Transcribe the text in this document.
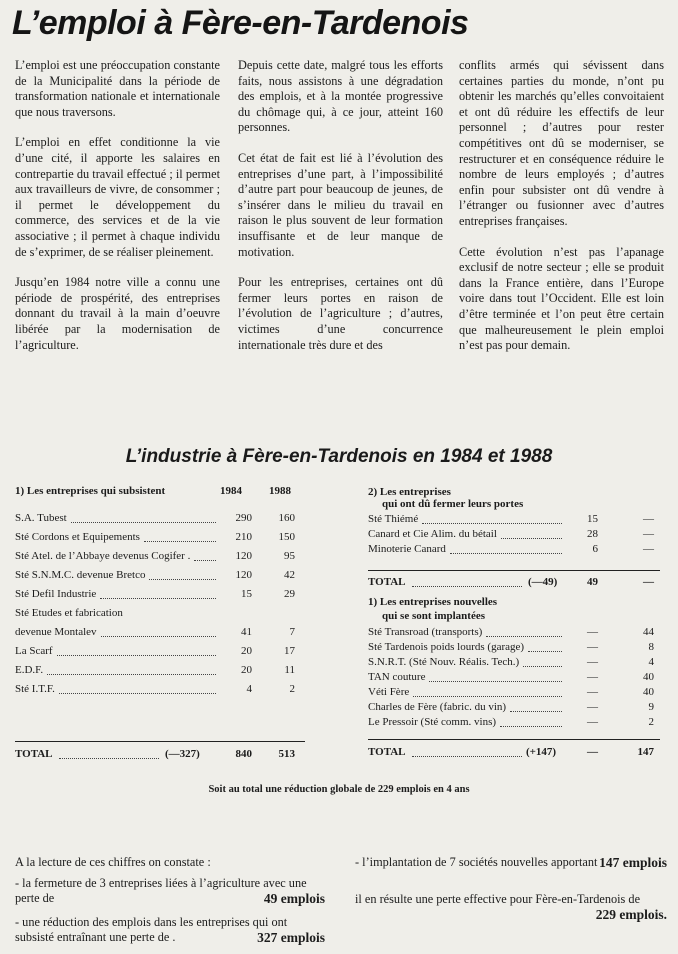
L’emploi à Fère-en-Tardenois

L’emploi est une préoccupation constante de la Municipalité dans la période de transformation nationale et internationale que nous traversons.

L’emploi en effet conditionne la vie d’une cité, il apporte les salaires en contrepartie du travail effectué ; il permet aux travailleurs de vivre, de consommer ; il permet le développement du commerce, des services et de la vie associative ; il permet à chaque individu de s’exprimer, de se réaliser pleinement.

Jusqu’en 1984 notre ville a connu une période de prospérité, des entreprises donnant du travail à la main d’oeuvre libérée par la modernisation de l’agriculture.

Depuis cette date, malgré tous les efforts faits, nous assistons à une dégradation des emplois, et à la montée progressive du chômage qui, à ce jour, atteint 160 personnes.

Cet état de fait est lié à l’évolution des entreprises d’une part, à l’impossibilité d’autre part pour beaucoup de jeunes, de s’insérer dans le milieu du travail en raison le plus souvent de leur formation insuffisante et de leur manque de motivation.

Pour les entreprises, certaines ont dû fermer leurs portes en raison de l’évolution de l’agriculture ; d’autres, victimes d’une concurrence internationale très dure et des

conflits armés qui sévissent dans certaines parties du monde, n’ont pu obtenir les marchés qu’elles convoitaient et ont dû réduire les effectifs de leur personnel ; d’autres pour rester compétitives ont dû se moderniser, se restructurer et en conséquence réduire le nombre de leurs employés ; d’autres enfin pour subsister ont dû vendre à l’étranger ou fusionner avec d’autres entreprises françaises.

Cette évolution n’est pas l’apanage exclusif de notre secteur ; elle se produit dans la France entière, dans l’Europe voire dans tout l’Occident. Elle est loin d’être terminée et l’on peut être certain que malheureusement le plein emploi n’est pas pour demain.

L’industrie à Fère-en-Tardenois en 1984 et 1988
1) Les entreprises qui subsistent	1984 1988
S.A. Tubest	290	160
Sté Cordons et Equipements	210	150
Sté Atel. de l’Abbaye devenus Cogifer .	120	95
Sté S.N.M.C. devenue Bretco	120	42
Sté Defil Industrie	15	29
Sté Etudes et fabrication
devenue Montalev	41	7
La Scarf	20	17
E.D.F.	20	11
Sté I.T.F.	4	2
TOTAL	(—327)	840	513
2) Les entreprises
qui ont dû fermer leurs portes
Sté Thiémé	15	—
Canard et Cie Alim. du bétail	28	—
Minoterie Canard	6	—
TOTAL	(—49)	49	—
1) Les entreprises nouvelles
qui se sont implantées
Sté Transroad (transports)	—	44
Sté Tardenois poids lourds (garage)	—	8
S.N.R.T. (Sté Nouv. Réalis. Tech.)	—	4
TAN couture	—	40
Véti Fère	—	40
Charles de Fère (fabric. du vin)	—	9
Le Pressoir (Sté comm. vins)	—	2
TOTAL	(+147)	—	147
Soit au total une réduction globale de 229 emplois en 4 ans
A la lecture de ces chiffres on constate :
- la fermeture de 3 entreprises liées à l’agriculture avec une perte de	49 emplois
- une réduction des emplois dans les entreprises qui ont subsisté entraînant une perte de .	327 emplois
- l’implantation de 7 sociétés nouvelles apportant 147 emplois
il en résulte une perte effective pour Fère-en-Tardenois de
229 emplois.
